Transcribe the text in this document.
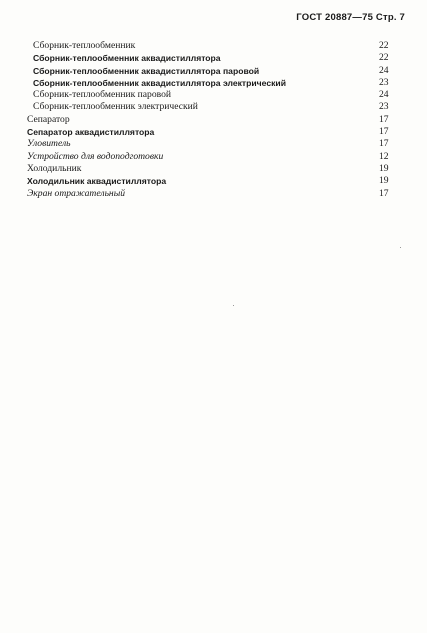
ГОСТ 20887—75 Стр. 7
Сборник-теплообменник	22
Сборник-теплообменник аквадистиллятора	22
Сборник-теплообменник аквадистиллятора паровой	24
Сборник-теплообменник аквадистиллятора электрический	23
Сборник-теплообменник паровой	24
Сборник-теплообменник электрический	23
Сепаратор	17
Сепаратор аквадистиллятора	17
Уловитель	17
Устройство для водоподготовки	12
Холодильник	19
Холодильник аквадистиллятора	19
Экран отражательный	17
